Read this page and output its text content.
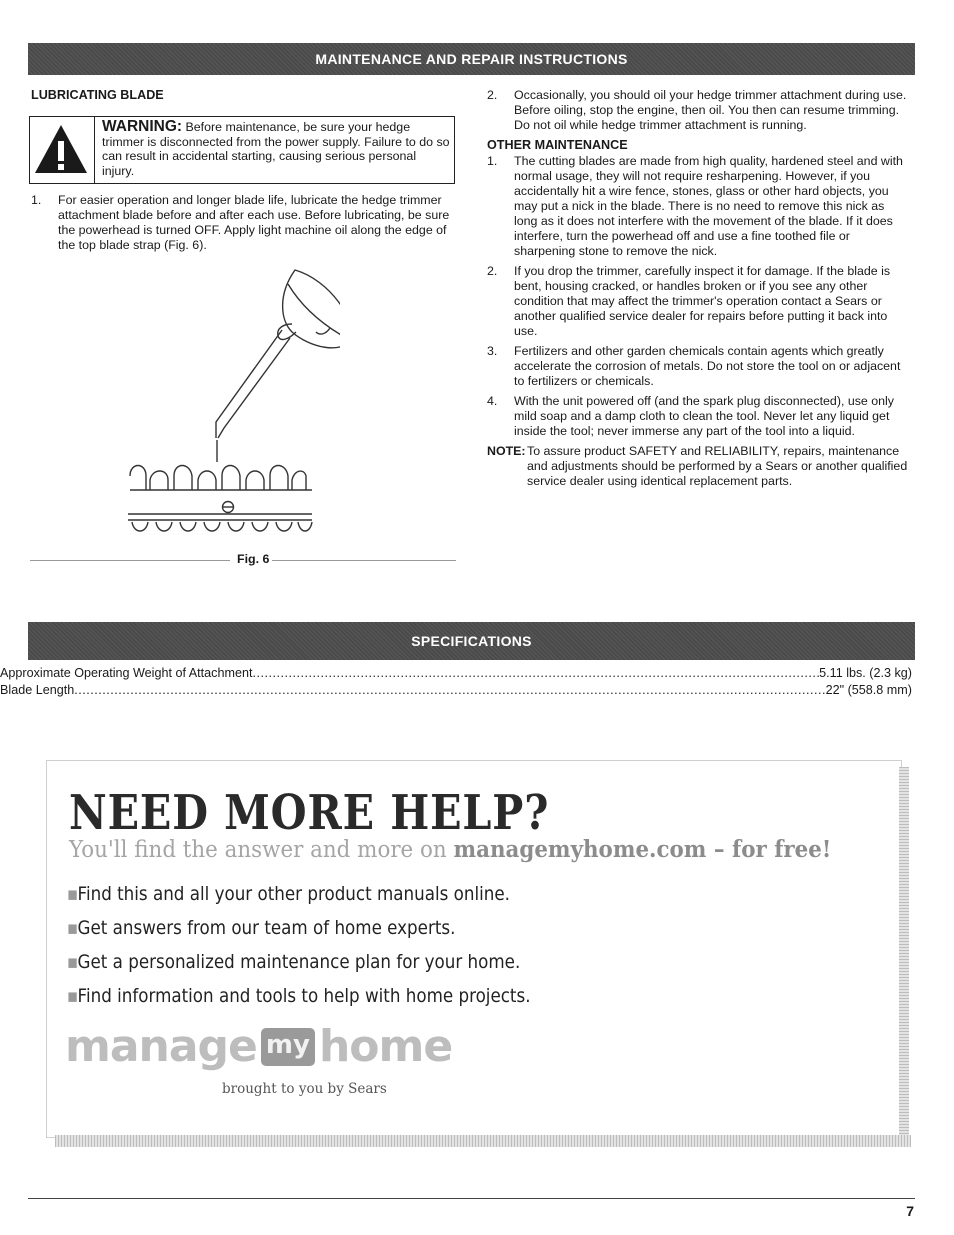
MAINTENANCE AND REPAIR INSTRUCTIONS

LUBRICATING BLADE

WARNING: Before maintenance, be sure your hedge trimmer is disconnected from the power supply. Failure to do so can result in accidental starting, causing serious personal injury.
1.	For easier operation and longer blade life, lubricate the hedge trimmer attachment blade before and after each use. Before lubricating, be sure the powerhead is turned OFF. Apply light machine oil along the edge of the top blade strap (Fig. 6).
Fig. 6
2.	Occasionally, you should oil your hedge trimmer attachment during use. Before oiling, stop the engine, then oil. You then can resume trimming. Do not oil while hedge trimmer attachment is running.

OTHER MAINTENANCE

1.	The cutting blades are made from high quality, hardened steel and with normal usage, they will not require resharpening. However, if you accidentally hit a wire fence, stones, glass or other hard objects, you may put a nick in the blade. There is no need to remove this nick as long as it does not interfere with the movement of the blade. If it does interfere, turn the powerhead off and use a fine toothed file or sharpening stone to remove the nick.
2.	If you drop the trimmer, carefully inspect it for damage. If the blade is bent, housing cracked, or handles broken or if you see any other condition that may affect the trimmer's operation contact a Sears or another qualified service dealer for repairs before putting it back into use.
3.	Fertilizers and other garden chemicals contain agents which greatly accelerate the corrosion of metals. Do not store the tool on or adjacent to fertilizers or chemicals.
4.	With the unit powered off (and the spark plug disconnected), use only mild soap and a damp cloth to clean the tool. Never let any liquid get inside the tool; never immerse any part of the tool into a liquid.
NOTE: To assure product SAFETY and RELIABILITY, repairs, maintenance and adjustments should be performed by a Sears or another qualified service dealer using identical replacement parts.
SPECIFICATIONS
Approximate Operating Weight of Attachment .....	5.11 lbs. (2.3 kg)
Blade Length .....	22" (558.8 mm)
NEED MORE HELP?
You'll find the answer and more on managemyhome.com – for free!
▪Find this and all your other product manuals online.
▪Get answers from our team of home experts.
▪Get a personalized maintenance plan for your home.
▪Find information and tools to help with home projects.
manage my home
brought to you by Sears
7
